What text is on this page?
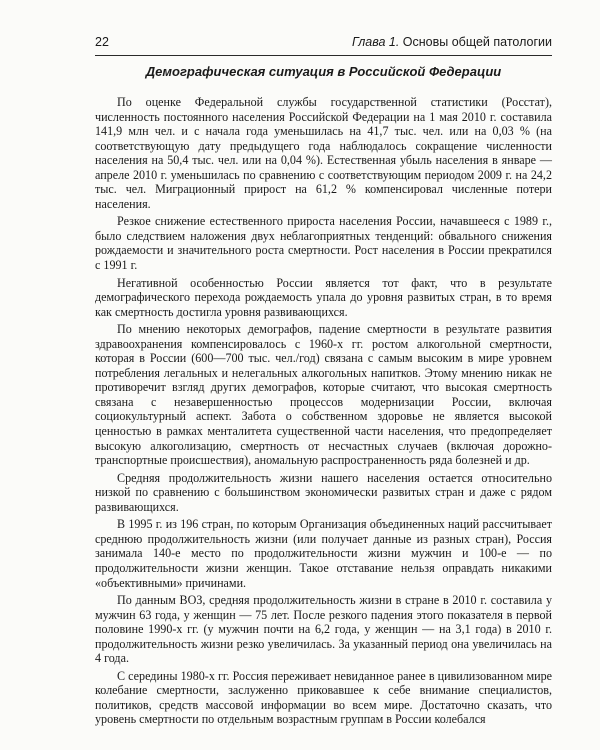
22	Глава 1. Основы общей патологии
Демографическая ситуация в Российской Федерации

По оценке Федеральной службы государственной статистики (Росстат), численность постоянного населения Российской Федерации на 1 мая 2010 г. составила 141,9 млн чел. и с начала года уменьшилась на 41,7 тыс. чел. или на 0,03 % (на соответствующую дату предыдущего года наблюдалось сокращение численности населения на 50,4 тыс. чел. или на 0,04 %). Естественная убыль населения в январе — апреле 2010 г. уменьшилась по сравнению с соответствующим периодом 2009 г. на 24,2 тыс. чел. Миграционный прирост на 61,2 % компенсировал численные потери населения.

Резкое снижение естественного прироста населения России, начавшееся с 1989 г., было следствием наложения двух неблагоприятных тенденций: обвального снижения рождаемости и значительного роста смертности. Рост населения в России прекратился с 1991 г.

Негативной особенностью России является тот факт, что в результате демографического перехода рождаемость упала до уровня развитых стран, в то время как смертность достигла уровня развивающихся.

По мнению некоторых демографов, падение смертности в результате развития здравоохранения компенсировалось с 1960-х гг. ростом алкогольной смертности, которая в России (600—700 тыс. чел./год) связана с самым высоким в мире уровнем потребления легальных и нелегальных алкогольных напитков. Этому мнению никак не противоречит взгляд других демографов, которые считают, что высокая смертность связана с незавершенностью процессов модернизации России, включая социокультурный аспект. Забота о собственном здоровье не является высокой ценностью в рамках менталитета существенной части населения, что предопределяет высокую алкоголизацию, смертность от несчастных случаев (включая дорожно-транспортные происшествия), аномальную распространенность ряда болезней и др.

Средняя продолжительность жизни нашего населения остается относительно низкой по сравнению с большинством экономически развитых стран и даже с рядом развивающихся.

В 1995 г. из 196 стран, по которым Организация объединенных наций рассчитывает среднюю продолжительность жизни (или получает данные из разных стран), Россия занимала 140-е место по продолжительности жизни мужчин и 100-е — по продолжительности жизни женщин. Такое отставание нельзя оправдать никакими «объективными» причинами.

По данным ВОЗ, средняя продолжительность жизни в стране в 2010 г. составила у мужчин 63 года, у женщин — 75 лет. После резкого падения этого показателя в первой половине 1990-х гг. (у мужчин почти на 6,2 года, у женщин — на 3,1 года) в 2010 г. продолжительность жизни резко увеличилась. За указанный период она увеличилась на 4 года.

С середины 1980-х гг. Россия переживает невиданное ранее в цивилизованном мире колебание смертности, заслуженно приковавшее к себе внимание специалистов, политиков, средств массовой информации во всем мире. Достаточно сказать, что уровень смертности по отдельным возрастным группам в России колебался
